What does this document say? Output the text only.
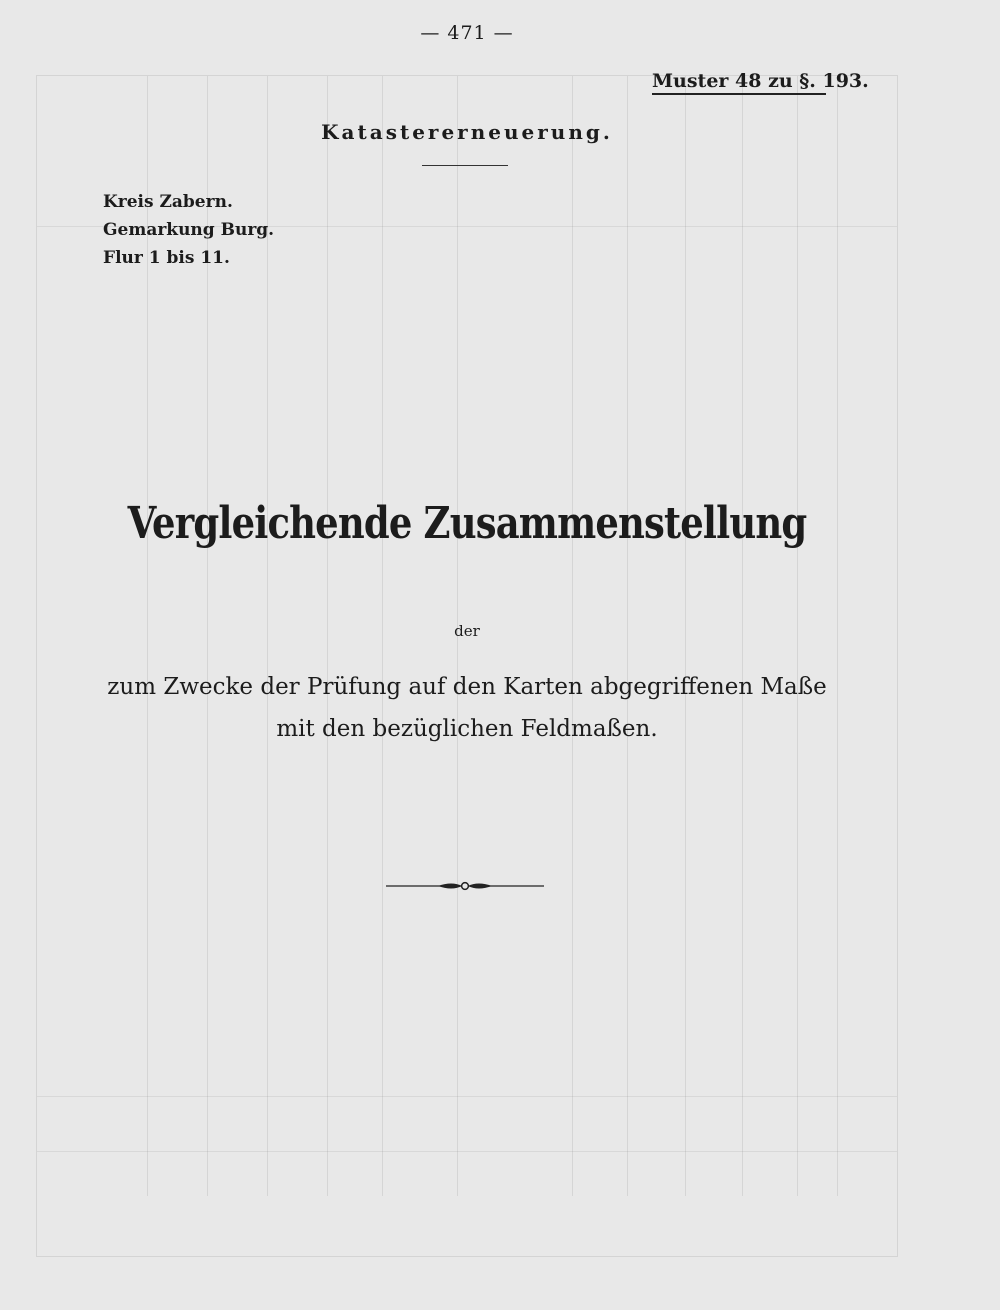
— 471 —
Muster 48 zu §. 193.
Katastererneuerung.
Kreis Zabern.
Gemarkung Burg.
Flur 1 bis 11.
Vergleichende Zusammenstellung
der
zum Zwecke der Prüfung auf den Karten abgegriffenen Maße
mit den bezüglichen Feldmaßen.
